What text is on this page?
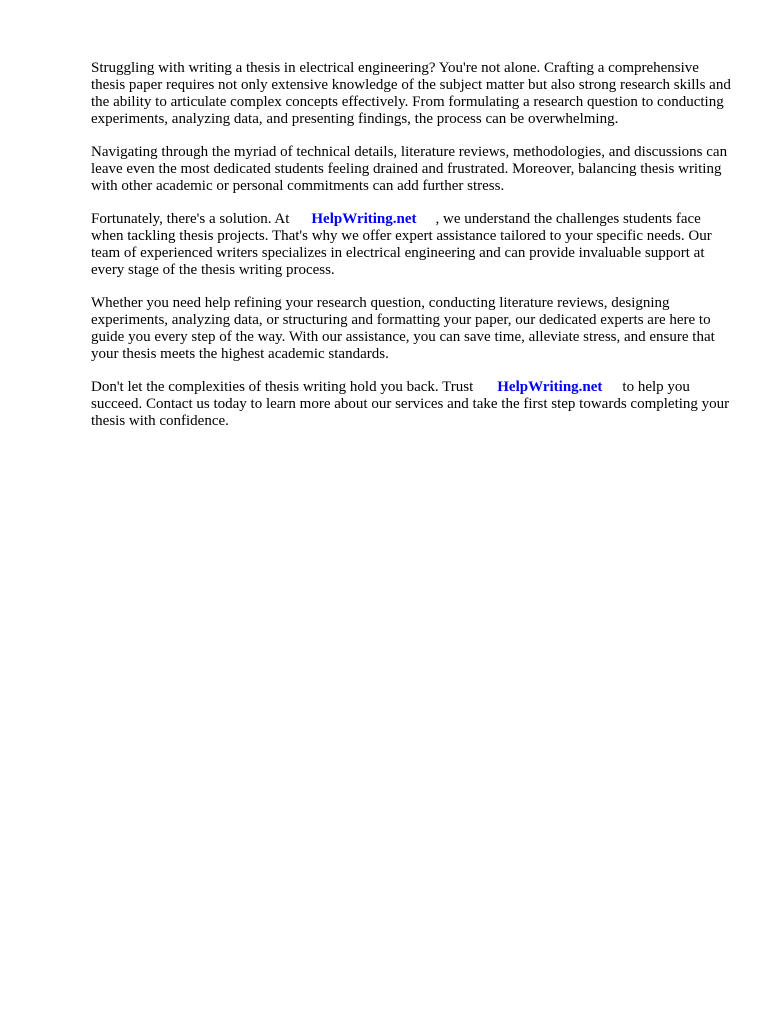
Struggling with writing a thesis in electrical engineering? You're not alone. Crafting a comprehensive thesis paper requires not only extensive knowledge of the subject matter but also strong research skills and the ability to articulate complex concepts effectively. From formulating a research question to conducting experiments, analyzing data, and presenting findings, the process can be overwhelming.

Navigating through the myriad of technical details, literature reviews, methodologies, and discussions can leave even the most dedicated students feeling drained and frustrated. Moreover, balancing thesis writing with other academic or personal commitments can add further stress.

Fortunately, there's a solution. At HelpWriting.net , we understand the challenges students face when tackling thesis projects. That's why we offer expert assistance tailored to your specific needs. Our team of experienced writers specializes in electrical engineering and can provide invaluable support at every stage of the thesis writing process.

Whether you need help refining your research question, conducting literature reviews, designing experiments, analyzing data, or structuring and formatting your paper, our dedicated experts are here to guide you every step of the way. With our assistance, you can save time, alleviate stress, and ensure that your thesis meets the highest academic standards.

Don't let the complexities of thesis writing hold you back. Trust HelpWriting.net to help you succeed. Contact us today to learn more about our services and take the first step towards completing your thesis with confidence.
